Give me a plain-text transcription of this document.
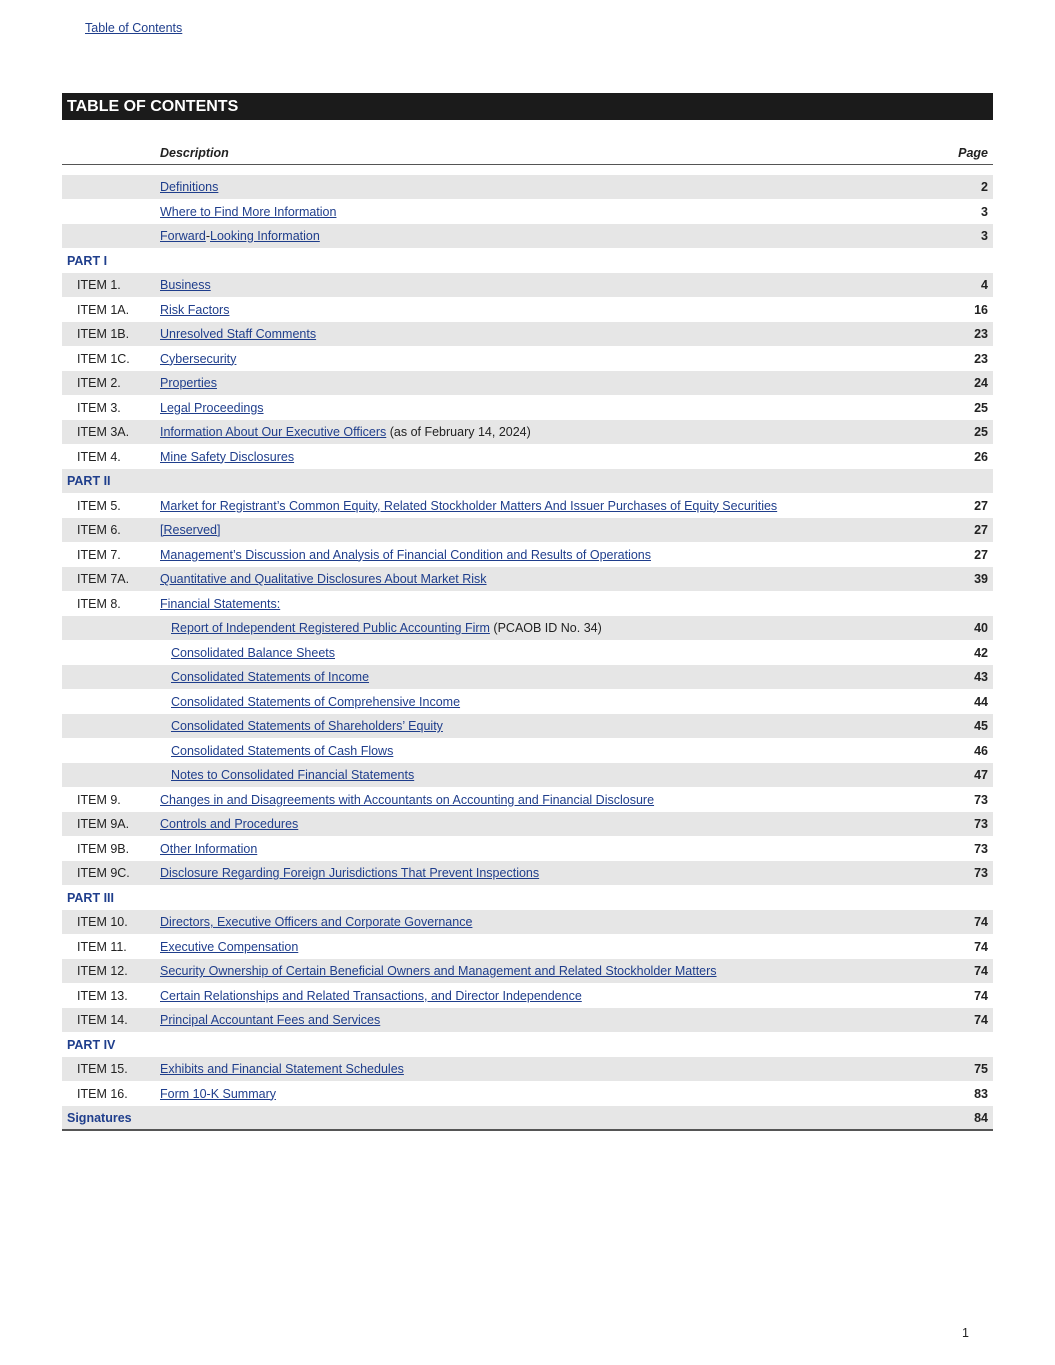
Table of Contents
TABLE OF CONTENTS
Description	Page
Definitions	2
Where to Find More Information	3
Forward-Looking Information	3
PART I
ITEM 1.	Business	4
ITEM 1A. Risk Factors	16
ITEM 1B. Unresolved Staff Comments	23
ITEM 1C. Cybersecurity	23
ITEM 2.	Properties	24
ITEM 3.	Legal Proceedings	25
ITEM 3A. Information About Our Executive Officers (as of February 14, 2024)	25
ITEM 4.	Mine Safety Disclosures	26
PART II
ITEM 5.	Market for Registrant’s Common Equity, Related Stockholder Matters And Issuer Purchases of Equity Securities	27
ITEM 6.	[Reserved]	27
ITEM 7.	Management’s Discussion and Analysis of Financial Condition and Results of Operations	27
ITEM 7A. Quantitative and Qualitative Disclosures About Market Risk	39
ITEM 8.	Financial Statements:
Report of Independent Registered Public Accounting Firm (PCAOB ID No. 34)	40
Consolidated Balance Sheets	42
Consolidated Statements of Income	43
Consolidated Statements of Comprehensive Income	44
Consolidated Statements of Shareholders’ Equity	45
Consolidated Statements of Cash Flows	46
Notes to Consolidated Financial Statements	47
ITEM 9.	Changes in and Disagreements with Accountants on Accounting and Financial Disclosure	73
ITEM 9A. Controls and Procedures	73
ITEM 9B. Other Information	73
ITEM 9C. Disclosure Regarding Foreign Jurisdictions That Prevent Inspections	73
PART III
ITEM 10.	Directors, Executive Officers and Corporate Governance	74
ITEM 11.	Executive Compensation	74
ITEM 12.	Security Ownership of Certain Beneficial Owners and Management and Related Stockholder Matters	74
ITEM 13.	Certain Relationships and Related Transactions, and Director Independence	74
ITEM 14.	Principal Accountant Fees and Services	74
PART IV
ITEM 15.	Exhibits and Financial Statement Schedules	75
ITEM 16.	Form 10-K Summary	83
Signatures	84
1
